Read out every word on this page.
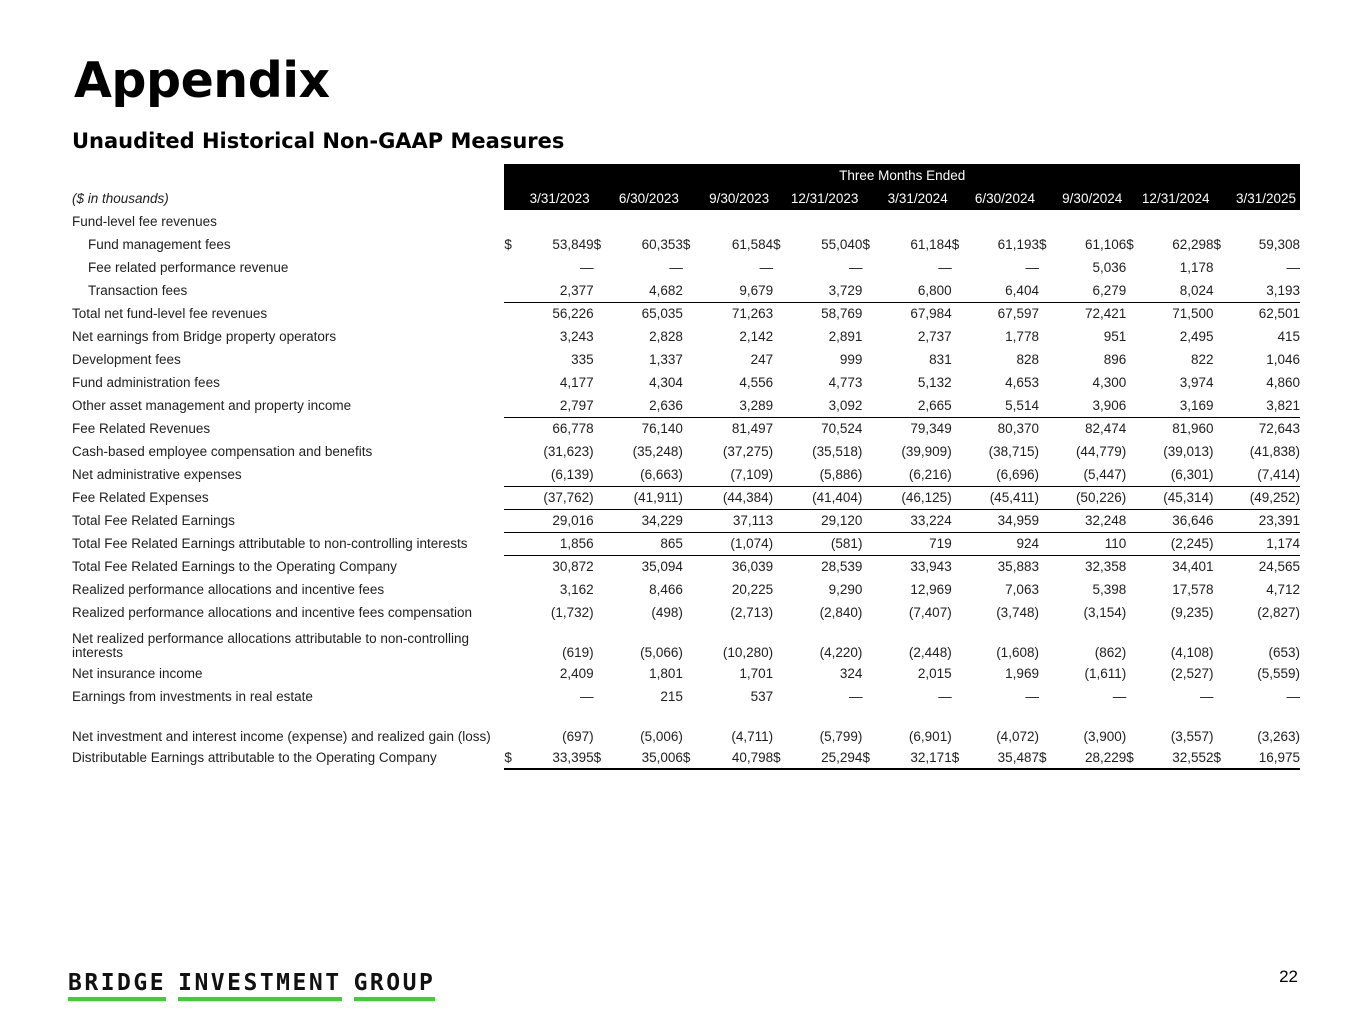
Appendix
Unaudited Historical Non-GAAP Measures
	Three Months Ended																	
($ in thousands)	3/31/2023		6/30/2023		9/30/2023		12/31/2023		3/31/2024		6/30/2024		9/30/2024		12/31/2024		3/31/2025	
Fund-level fee revenues																		
Fund management fees	$	53,849	$	60,353	$	61,584	$	55,040	$	61,184	$	61,193	$	61,106	$	62,298	$	59,308
Fee related performance revenue		—		—		—		—		—		—		5,036		1,178		—
Transaction fees		2,377		4,682		9,679		3,729		6,800		6,404		6,279		8,024		3,193
Total net fund-level fee revenues		56,226		65,035		71,263		58,769		67,984		67,597		72,421		71,500		62,501
Net earnings from Bridge property operators		3,243		2,828		2,142		2,891		2,737		1,778		951		2,495		415
Development fees		335		1,337		247		999		831		828		896		822		1,046
Fund administration fees		4,177		4,304		4,556		4,773		5,132		4,653		4,300		3,974		4,860
Other asset management and property income		2,797		2,636		3,289		3,092		2,665		5,514		3,906		3,169		3,821
Fee Related Revenues		66,778		76,140		81,497		70,524		79,349		80,370		82,474		81,960		72,643
Cash-based employee compensation and benefits		(31,623)		(35,248)		(37,275)		(35,518)		(39,909)		(38,715)		(44,779)		(39,013)		(41,838)
Net administrative expenses		(6,139)		(6,663)		(7,109)		(5,886)		(6,216)		(6,696)		(5,447)		(6,301)		(7,414)
Fee Related Expenses		(37,762)		(41,911)		(44,384)		(41,404)		(46,125)		(45,411)		(50,226)		(45,314)		(49,252)
Total Fee Related Earnings		29,016		34,229		37,113		29,120		33,224		34,959		32,248		36,646		23,391
Total Fee Related Earnings attributable to non-controlling interests		1,856		865		(1,074)		(581)		719		924		110		(2,245)		1,174
Total Fee Related Earnings to the Operating Company		30,872		35,094		36,039		28,539		33,943		35,883		32,358		34,401		24,565
Realized performance allocations and incentive fees		3,162		8,466		20,225		9,290		12,969		7,063		5,398		17,578		4,712
Realized performance allocations and incentive fees compensation		(1,732)		(498)		(2,713)		(2,840)		(7,407)		(3,748)		(3,154)		(9,235)		(2,827)
Net realized performance allocations attributable to non-controlling interests		(619)		(5,066)		(10,280)		(4,220)		(2,448)		(1,608)		(862)		(4,108)		(653)
Net insurance income		2,409		1,801		1,701		324		2,015		1,969		(1,611)		(2,527)		(5,559)
Earnings from investments in real estate		—		215		537		—		—		—		—		—		—
Net investment and interest income (expense) and realized gain (loss)		(697)		(5,006)		(4,711)		(5,799)		(6,901)		(4,072)		(3,900)		(3,557)		(3,263)
Distributable Earnings attributable to the Operating Company	$	33,395	$	35,006	$	40,798	$	25,294	$	32,171	$	35,487	$	28,229	$	32,552	$	16,975
BRIDGE INVESTMENT GROUP	22
